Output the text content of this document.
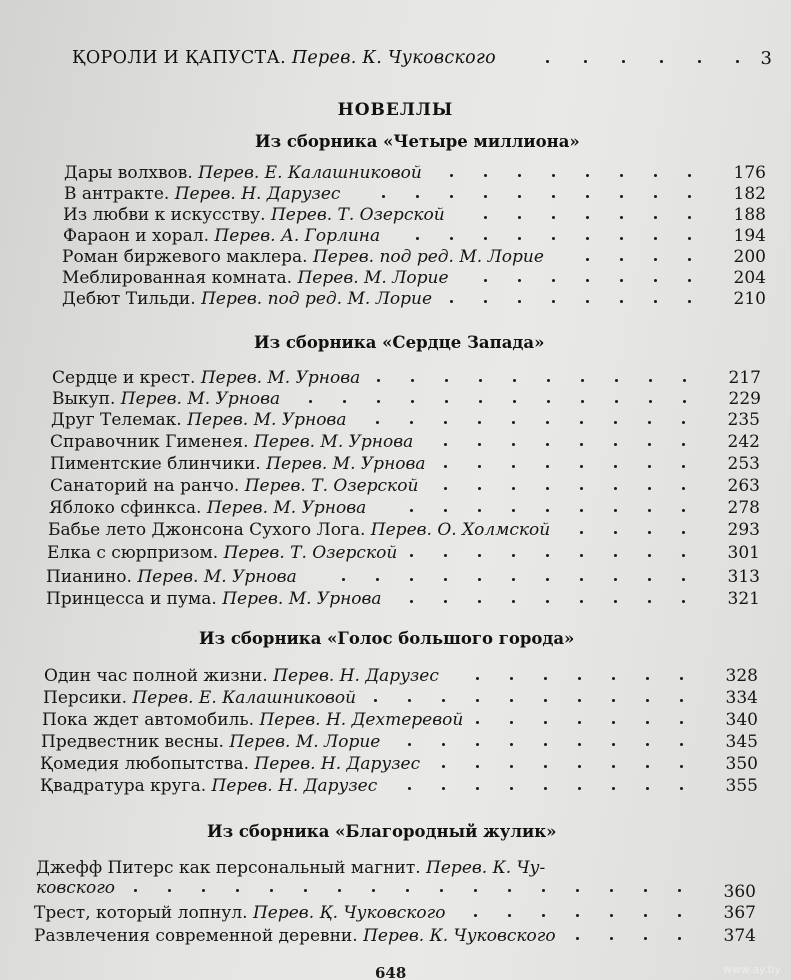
ҚОРОЛИ И ҚАПУСТА. Перев. К. Чуковского	3
НОВЕЛЛЫ
Из сборника «Четыре миллиона»
Дары волхвов. Перев. Е. Калашниковой	176
В антракте. Перев. Н. Дарузес	182
Из любви к искусству. Перев. Т. Озерской	188
Фараон и хорал. Перев. А. Горлина	194
Роман биржевого маклера. Перев. под ред. М. Лорие	200
Меблированная комната. Перев. М. Лорие	204
Дебют Тильди. Перев. под ред. М. Лорие	210
Из сборника «Сердце Запада»
Сердце и крест. Перев. М. Урнова	217
Выкуп. Перев. М. Урнова	229
Друг Телемак. Перев. М. Урнова	235
Справочник Гименея. Перев. М. Урнова	242
Пиментские блинчики. Перев. М. Урнова	253
Санаторий на ранчо. Перев. Т. Озерской	263
Яблоко сфинкса. Перев. М. Урнова	278
Бабье лето Джонсона Сухого Лога. Перев. О. Холмской	293
Елка с сюрпризом. Перев. Т. Озерской	301
Пианино. Перев. М. Урнова	313
Принцесса и пума. Перев. М. Урнова	321
Из сборника «Голос большого города»
Один час полной жизни. Перев. Н. Дарузес	328
Персики. Перев. Е. Калашниковой	334
Пока ждет автомобиль. Перев. Н. Дехтеревой	340
Предвестник весны. Перев. М. Лорие	345
Қомедия любопытства. Перев. Н. Дарузес	350
Қвадратура круга. Перев. Н. Дарузес	355
Из сборника «Благородный жулик»
Джефф Питерс как персональный магнит. Перев. К. Чу-
ковского	360
Трест, который лопнул. Перев. Қ. Чуковского	367
Развлечения современной деревни. Перев. К. Чуковского	374
648	www.ay.by
